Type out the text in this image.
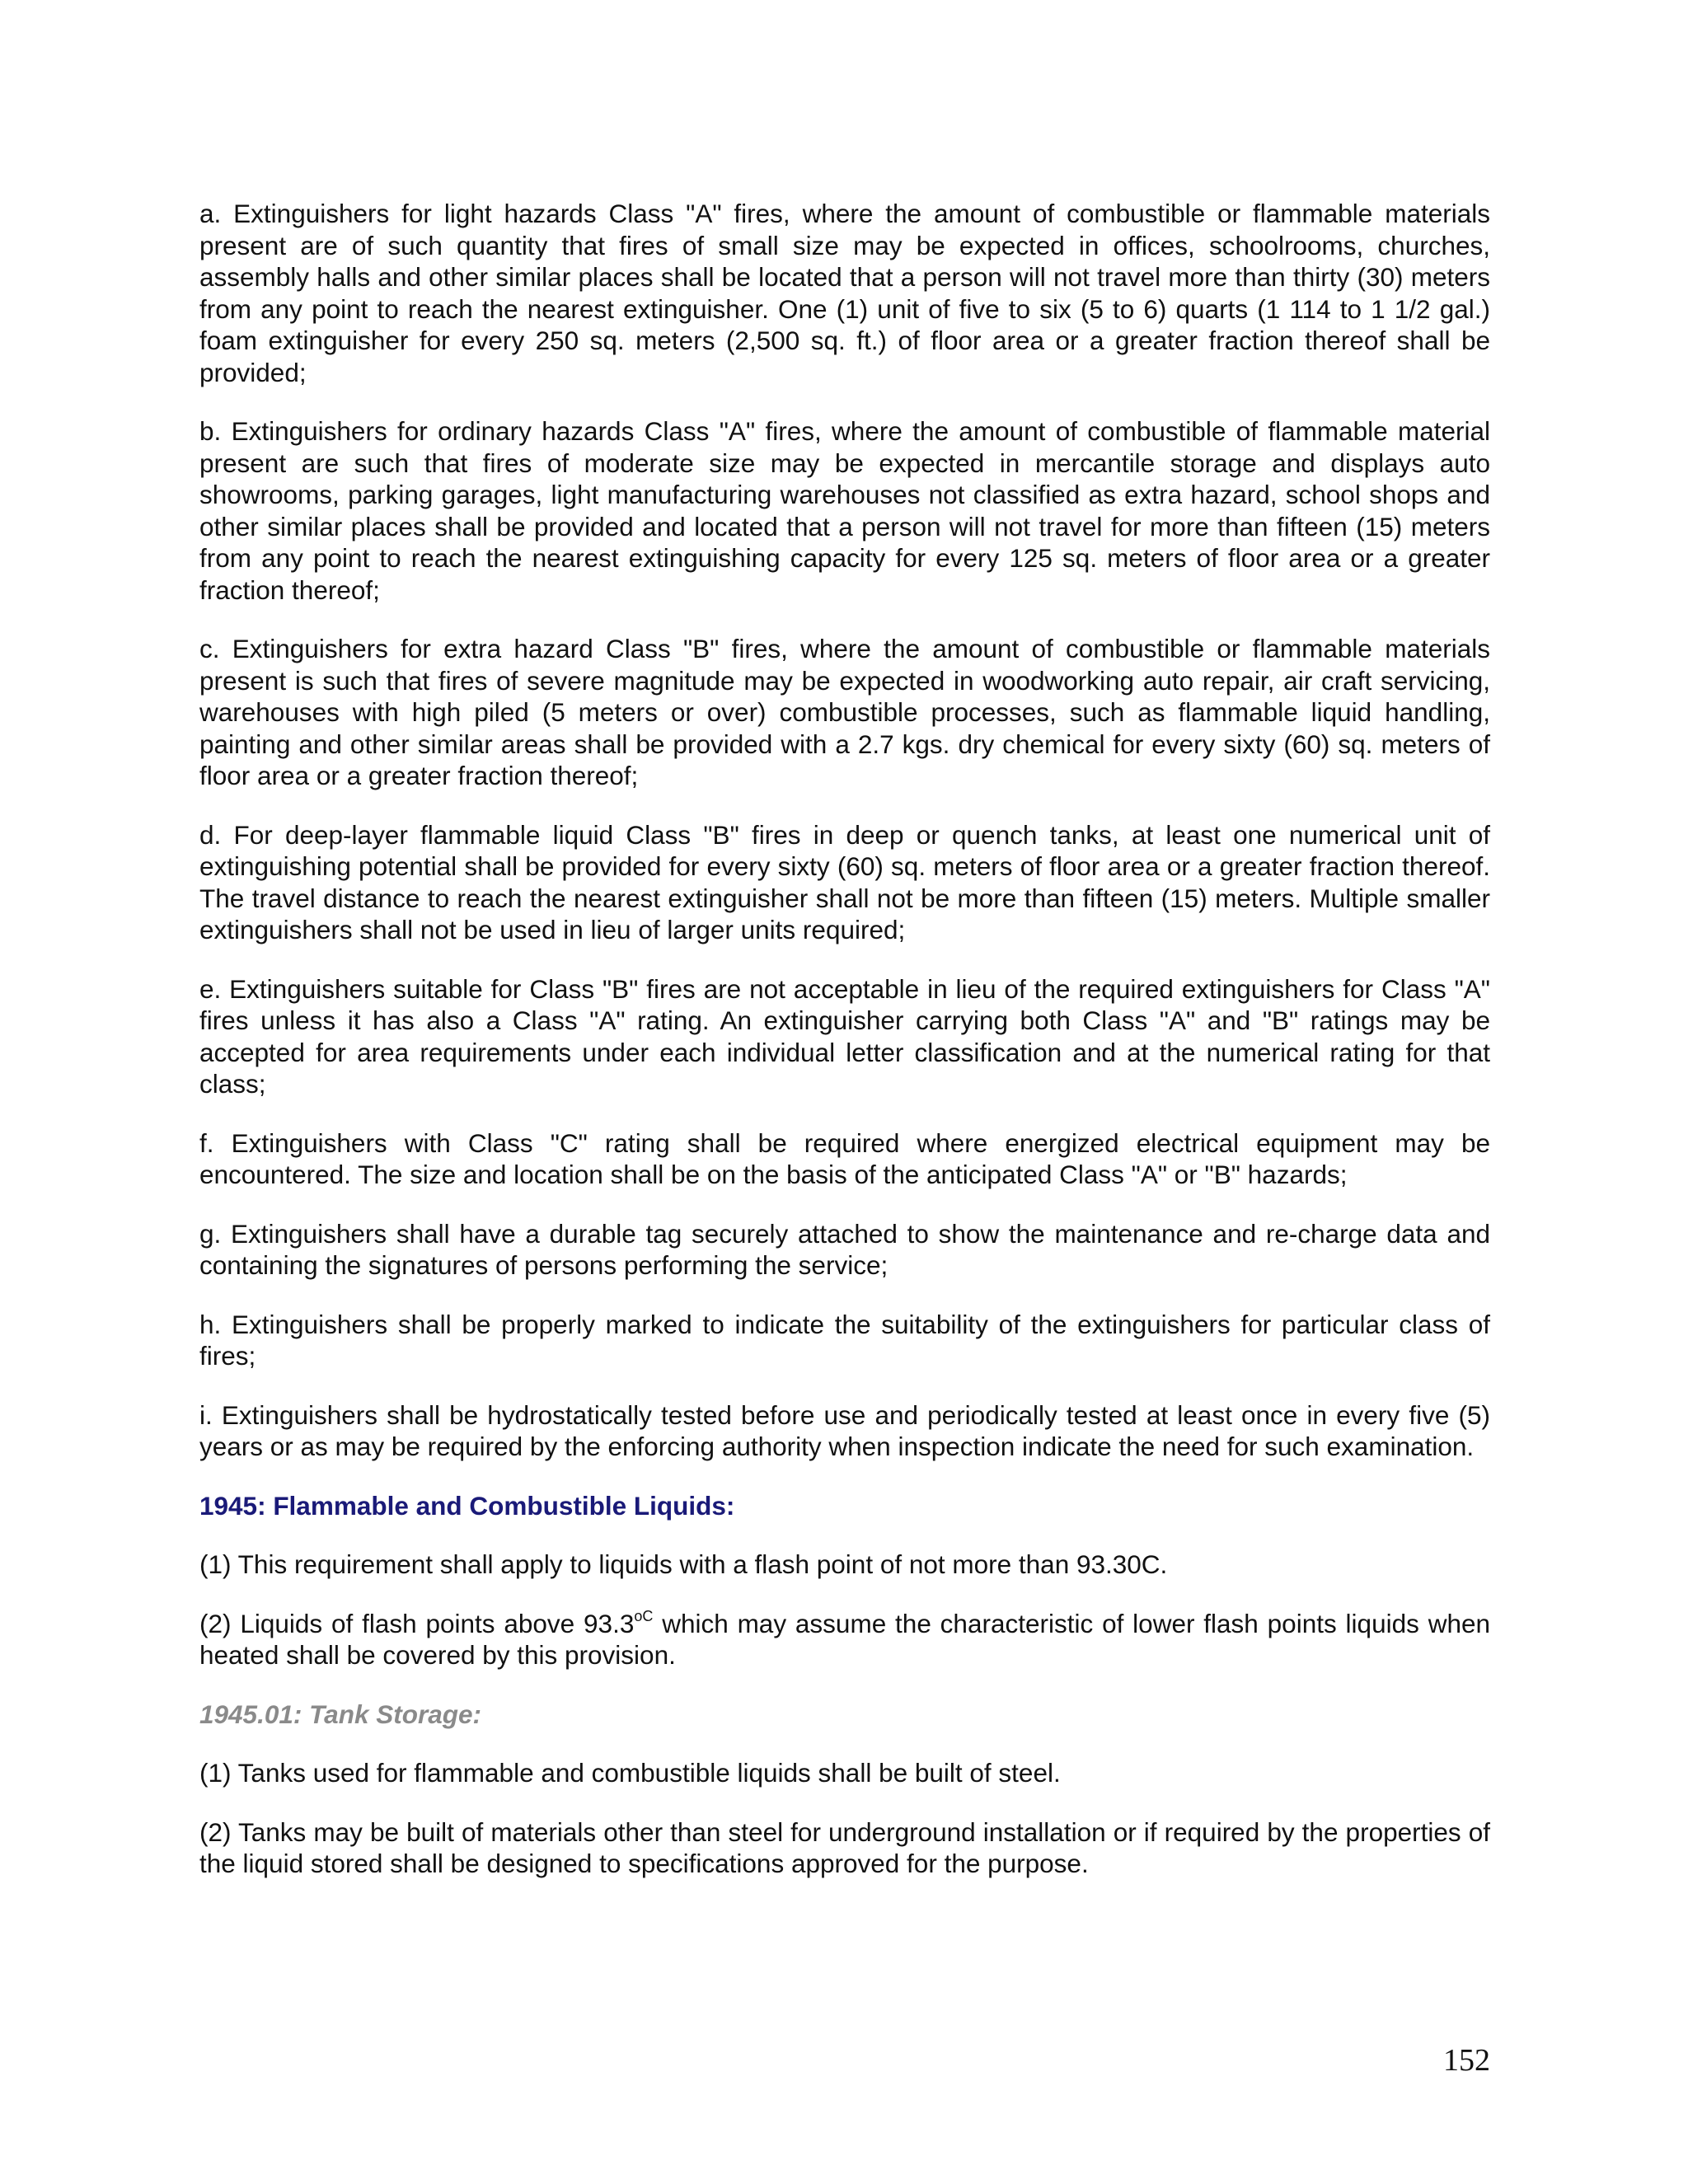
a. Extinguishers for light hazards Class "A" fires, where the amount of combustible or flammable materials present are of such quantity that fires of small size may be expected in offices, schoolrooms, churches, assembly halls and other similar places shall be located that a person will not travel more than thirty (30) meters from any point to reach the nearest extinguisher. One (1) unit of five to six (5 to 6) quarts (1 114 to 1 1/2 gal.) foam extinguisher for every 250 sq. meters (2,500 sq. ft.) of floor area or a greater fraction thereof shall be provided;

b. Extinguishers for ordinary hazards Class "A" fires, where the amount of combustible of flammable material present are such that fires of moderate size may be expected in mercantile storage and displays auto showrooms, parking garages, light manufacturing warehouses not classified as extra hazard, school shops and other similar places shall be provided and located that a person will not travel for more than fifteen (15) meters from any point to reach the nearest extinguishing capacity for every 125 sq. meters of floor area or a greater fraction thereof;

c. Extinguishers for extra hazard Class "B" fires, where the amount of combustible or flammable materials present is such that fires of severe magnitude may be expected in woodworking auto repair, air craft servicing, warehouses with high piled (5 meters or over) combustible processes, such as flammable liquid handling, painting and other similar areas shall be provided with a 2.7 kgs. dry chemical for every sixty (60) sq. meters of floor area or a greater fraction thereof;

d. For deep-layer flammable liquid Class "B" fires in deep or quench tanks, at least one numerical unit of extinguishing potential shall be provided for every sixty (60) sq. meters of floor area or a greater fraction thereof. The travel distance to reach the nearest extinguisher shall not be more than fifteen (15) meters. Multiple smaller extinguishers shall not be used in lieu of larger units required;

e. Extinguishers suitable for Class "B" fires are not acceptable in lieu of the required extinguishers for Class "A" fires unless it has also a Class "A" rating. An extinguisher carrying both Class "A" and "B" ratings may be accepted for area requirements under each individual letter classification and at the numerical rating for that class;

f. Extinguishers with Class "C" rating shall be required where energized electrical equipment may be encountered. The size and location shall be on the basis of the anticipated Class "A" or "B" hazards;

g. Extinguishers shall have a durable tag securely attached to show the maintenance and re-charge data and containing the signatures of persons performing the service;

h. Extinguishers shall be properly marked to indicate the suitability of the extinguishers for particular class of fires;

i. Extinguishers shall be hydrostatically tested before use and periodically tested at least once in every five (5) years or as may be required by the enforcing authority when inspection indicate the need for such examination.

1945: Flammable and Combustible Liquids:

(1) This requirement shall apply to liquids with a flash point of not more than 93.30C.

(2) Liquids of flash points above $93.3^{oC}$ which may assume the characteristic of lower flash points liquids when heated shall be covered by this provision.

1945.01: Tank Storage:

(1) Tanks used for flammable and combustible liquids shall be built of steel.

(2) Tanks may be built of materials other than steel for underground installation or if required by the properties of the liquid stored shall be designed to specifications approved for the purpose.

152
